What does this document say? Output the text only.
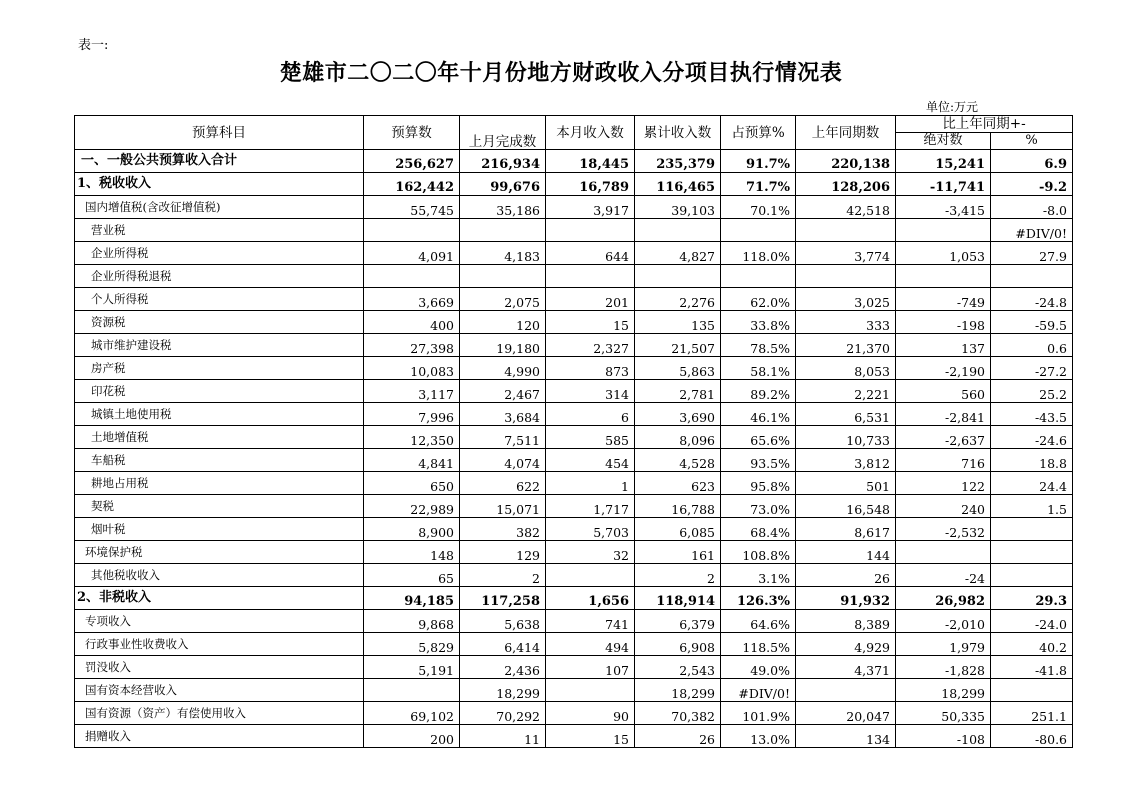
表一:
楚雄市二〇二〇年十月份地方财政收入分项目执行情况表
单位:万元
预算科目	预算数	上月完成数	本月收入数	累计收入数	占预算%	上年同期数	比上年同期+-	
							绝对数	%
一、一般公共预算收入合计	256,627	216,934	18,445	235,379	91.7%	220,138	15,241	6.9
1、税收收入	162,442	99,676	16,789	116,465	71.7%	128,206	-11,741	-9.2
国内增值税(含改征增值税)	55,745	35,186	3,917	39,103	70.1%	42,518	-3,415	-8.0
营业税								#DIV/0!
企业所得税	4,091	4,183	644	4,827	118.0%	3,774	1,053	27.9
企业所得税退税								
个人所得税	3,669	2,075	201	2,276	62.0%	3,025	-749	-24.8
资源税	400	120	15	135	33.8%	333	-198	-59.5
城市维护建设税	27,398	19,180	2,327	21,507	78.5%	21,370	137	0.6
房产税	10,083	4,990	873	5,863	58.1%	8,053	-2,190	-27.2
印花税	3,117	2,467	314	2,781	89.2%	2,221	560	25.2
城镇土地使用税	7,996	3,684	6	3,690	46.1%	6,531	-2,841	-43.5
土地增值税	12,350	7,511	585	8,096	65.6%	10,733	-2,637	-24.6
车船税	4,841	4,074	454	4,528	93.5%	3,812	716	18.8
耕地占用税	650	622	1	623	95.8%	501	122	24.4
契税	22,989	15,071	1,717	16,788	73.0%	16,548	240	1.5
烟叶税	8,900	382	5,703	6,085	68.4%	8,617	-2,532	
环境保护税	148	129	32	161	108.8%	144		
其他税收收入	65	2		2	3.1%	26	-24	
2、非税收入	94,185	117,258	1,656	118,914	126.3%	91,932	26,982	29.3
专项收入	9,868	5,638	741	6,379	64.6%	8,389	-2,010	-24.0
行政事业性收费收入	5,829	6,414	494	6,908	118.5%	4,929	1,979	40.2
罚没收入	5,191	2,436	107	2,543	49.0%	4,371	-1,828	-41.8
国有资本经营收入		18,299		18,299	#DIV/0!		18,299	
国有资源（资产）有偿使用收入	69,102	70,292	90	70,382	101.9%	20,047	50,335	251.1
捐赠收入	200	11	15	26	13.0%	134	-108	-80.6
